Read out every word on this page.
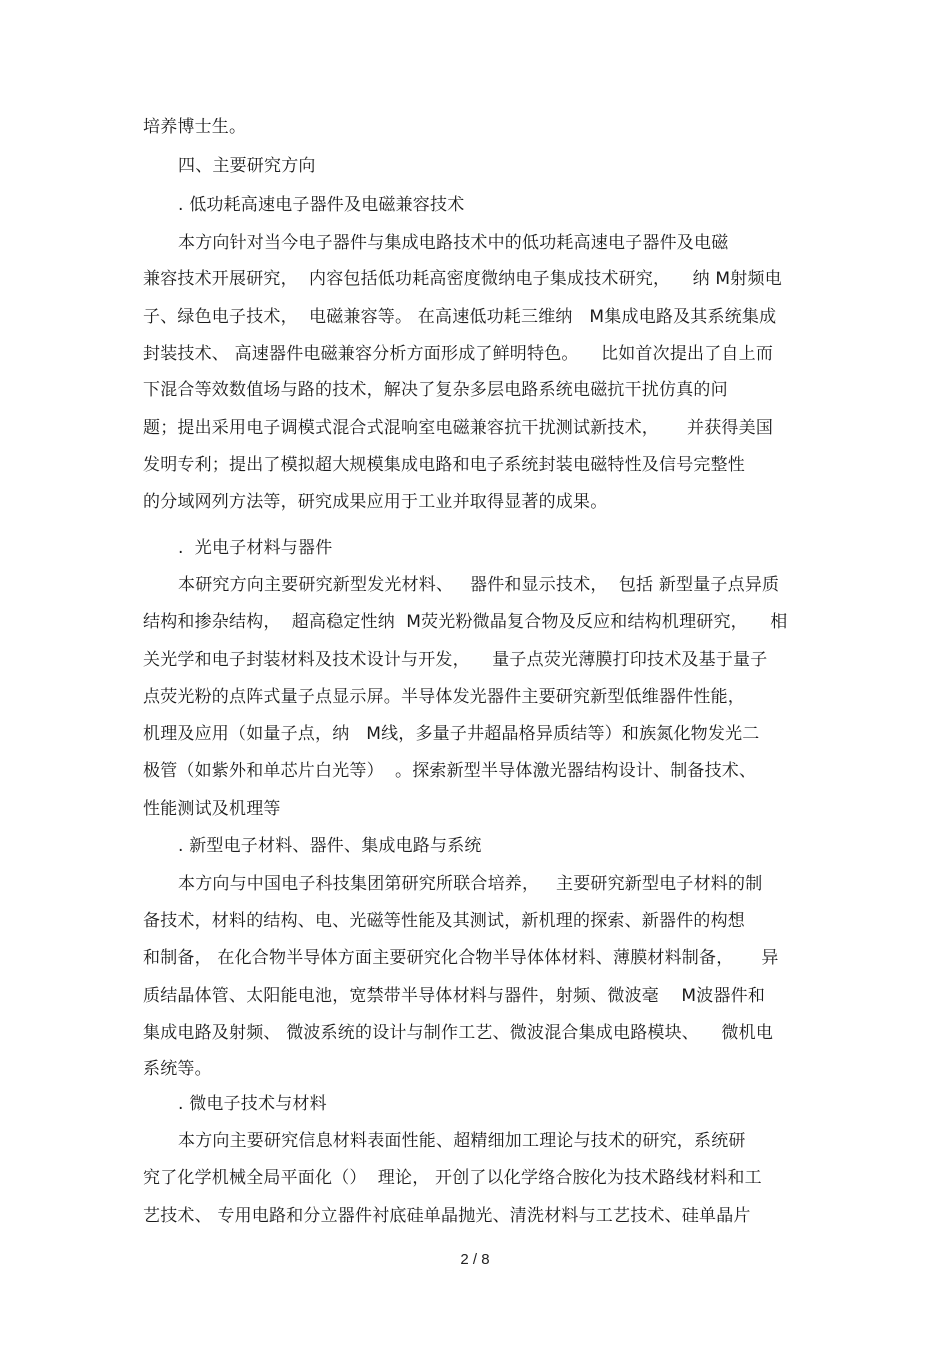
培养博士生。
四、主要研究方向
. 低功耗高速电子器件及电磁兼容技术
本方向针对当今电子器件与集成电路技术中的低功耗高速电子器件及电磁
兼容技术开展研究，  内容包括低功耗高密度微纳电子集成技术研究，    纳 M射频电
子、绿色电子技术，  电磁兼容等。 在高速低功耗三维纳   M集成电路及其系统集成
封装技术、 高速器件电磁兼容分析方面形成了鲜明特色。    比如首次提出了自上而
下混合等效数值场与路的技术，解决了复杂多层电路系统电磁抗干扰仿真的问
题；提出采用电子调模式混合式混响室电磁兼容抗干扰测试新技术，     并获得美国
发明专利；提出了模拟超大规模集成电路和电子系统封装电磁特性及信号完整性
的分域网列方法等，研究成果应用于工业并取得显著的成果。
.  光电子材料与器件
本研究方向主要研究新型发光材料、   器件和显示技术，  包括 新型量子点异质
结构和掺杂结构，  超高稳定性纳  M荧光粉微晶复合物及反应和结构机理研究，    相
关光学和电子封装材料及技术设计与开发，    量子点荧光薄膜打印技术及基于量子
点荧光粉的点阵式量子点显示屏。半导体发光器件主要研究新型低维器件性能，
机理及应用（如量子点，纳   M线，多量子井超晶格异质结等）和族氮化物发光二
极管（如紫外和单芯片白光等）  。探索新型半导体激光器结构设计、制备技术、
性能测试及机理等
. 新型电子材料、器件、集成电路与系统
本方向与中国电子科技集团第研究所联合培养，   主要研究新型电子材料的制
备技术，材料的结构、电、光磁等性能及其测试，新机理的探索、新器件的构想
和制备， 在化合物半导体方面主要研究化合物半导体体材料、薄膜材料制备，     异
质结晶体管、太阳能电池，宽禁带半导体材料与器件，射频、微波毫    M波器件和
集成电路及射频、 微波系统的设计与制作工艺、微波混合集成电路模块、    微机电
系统等。
. 微电子技术与材料
本方向主要研究信息材料表面性能、超精细加工理论与技术的研究，系统研
究了化学机械全局平面化（）  理论， 开创了以化学络合胺化为技术路线材料和工
艺技术、 专用电路和分立器件衬底硅单晶抛光、清洗材料与工艺技术、硅单晶片
2 / 8
